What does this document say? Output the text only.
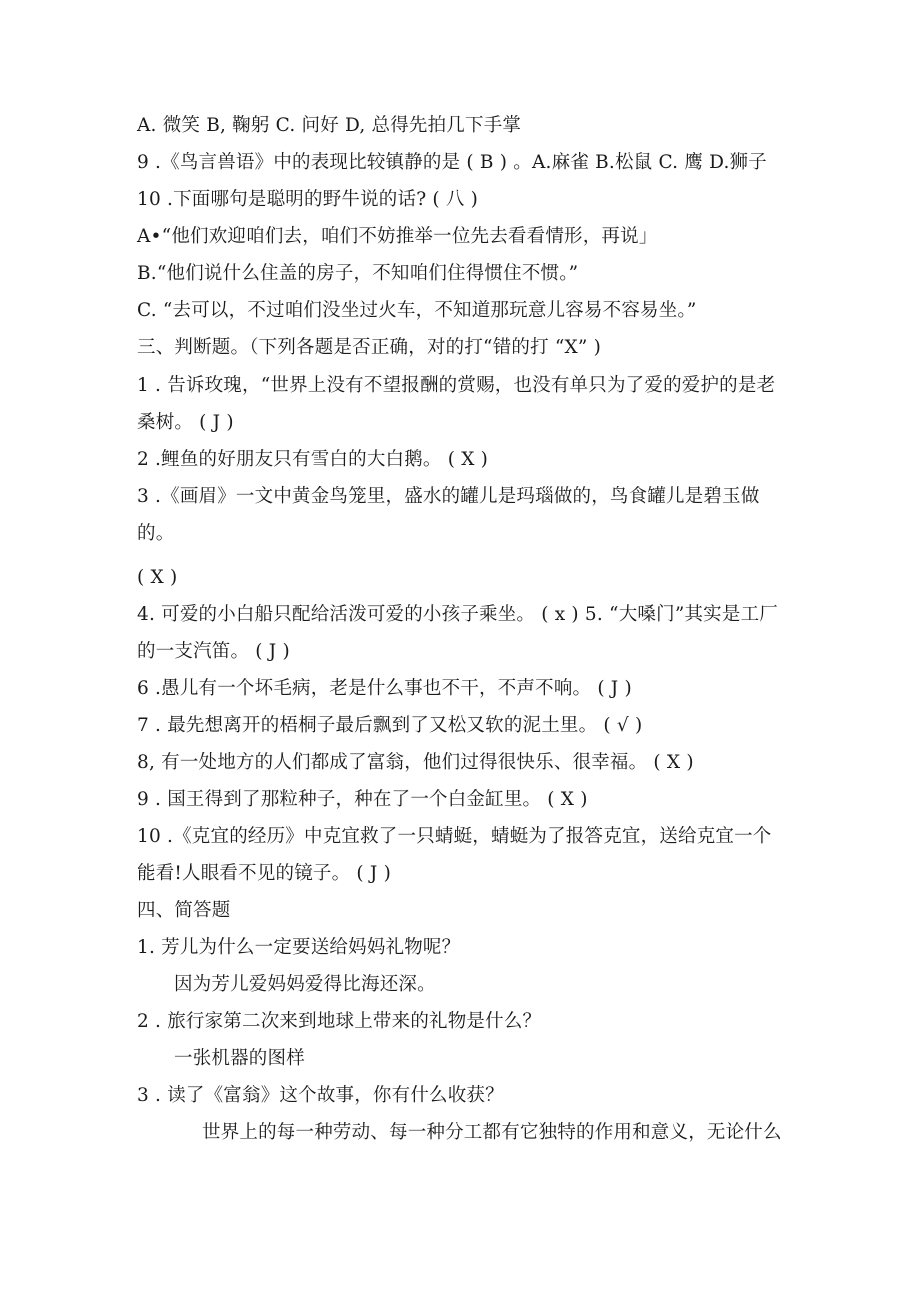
A. 微笑 B, 鞠躬 C. 问好 D, 总得先拍几下手掌
9 .《鸟言兽语》中的表现比较镇静的是 ( B ) 。A.麻雀 B.松鼠 C. 鹰 D.狮子
10 .下面哪句是聪明的野牛说的话? ( 八 )
A•“他们欢迎咱们去，咱们不妨推举一位先去看看情形，再说」
B.“他们说什么住盖的房子，不知咱们住得惯住不惯。”
C. “去可以，不过咱们没坐过火车，不知道那玩意儿容易不容易坐。”
三、判断题。（下列各题是否正确，对的打“错的打 “X” )
1 . 告诉玫瑰，“世界上没有不望报酬的赏赐，也没有单只为了爱的爱护的是老
桑树。 ( J )
2 .鲤鱼的好朋友只有雪白的大白鹅。 ( X )
3 .《画眉》一文中黄金鸟笼里，盛水的罐儿是玛瑙做的，鸟食罐儿是碧玉做
的。
( X )
4. 可爱的小白船只配给活泼可爱的小孩子乘坐。 ( x ) 5. “大嗓门”其实是工厂
的一支汽笛。 ( J )
6 .愚儿有一个坏毛病，老是什么事也不干，不声不响。 ( J )
7 . 最先想离开的梧桐子最后飘到了又松又软的泥土里。 ( √ )
8, 有一处地方的人们都成了富翁，他们过得很快乐、很幸福。 ( X )
9 . 国王得到了那粒种子，种在了一个白金缸里。 ( X )
10 .《克宜的经历》中克宜救了一只蜻蜓，蜻蜓为了报答克宜，送给克宜一个
能看!人眼看不见的镜子。 ( J )
四、简答题
1. 芳儿为什么一定要送给妈妈礼物呢？
因为芳儿爱妈妈爱得比海还深。
2 . 旅行家第二次来到地球上带来的礼物是什么？
一张机器的图样
3 . 读了《富翁》这个故事，你有什么收获？
世界上的每一种劳动、每一种分工都有它独特的作用和意义，无论什么
